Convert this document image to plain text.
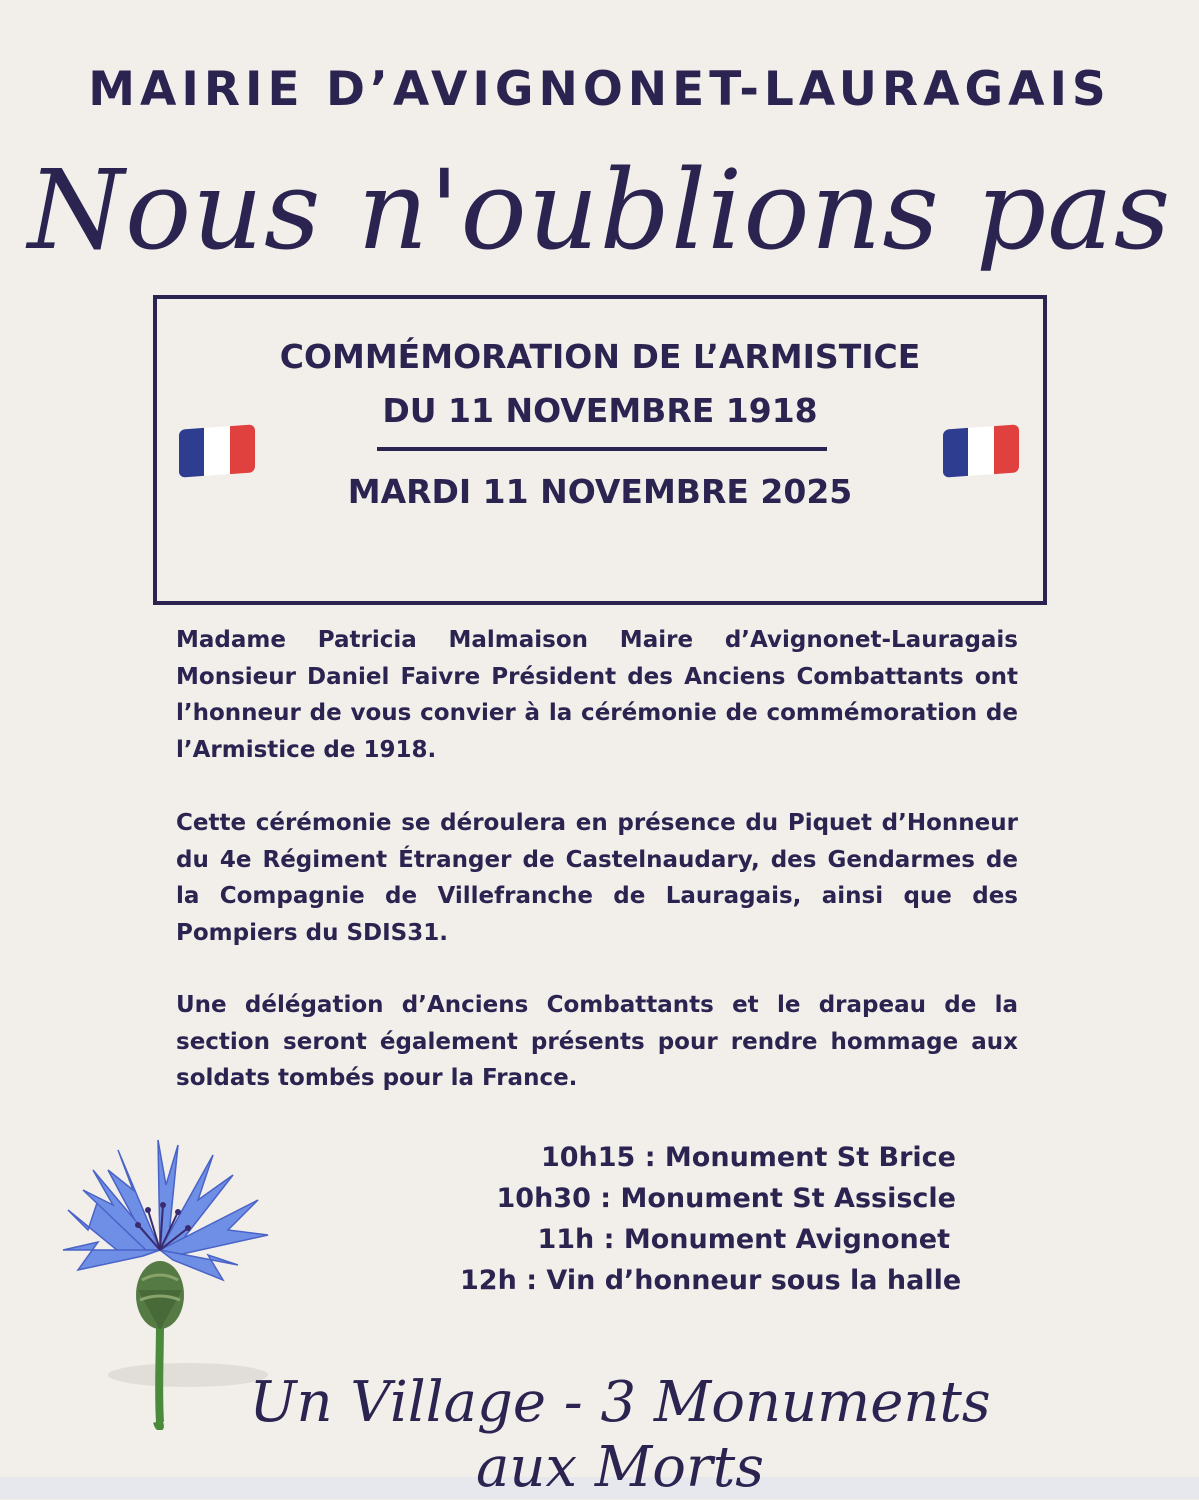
MAIRIE D’AVIGNONET-LAURAGAIS
Nous n'oublions pas
COMMÉMORATION DE L’ARMISTICE
DU 11 NOVEMBRE 1918
MARDI 11 NOVEMBRE 2025
Madame Patricia Malmaison Maire d’Avignonet-Lauragais Monsieur Daniel Faivre Président des Anciens Combattants ont l’honneur de vous convier à la cérémonie de commémoration de l’Armistice de 1918.
Cette cérémonie se déroulera en présence du Piquet d’Honneur du 4e Régiment Étranger de Castelnaudary, des Gendarmes de la Compagnie de Villefranche de Lauragais, ainsi que des Pompiers du SDIS31.
Une délégation d’Anciens Combattants et le drapeau de la section seront également présents pour rendre hommage aux soldats tombés pour la France.
10h15 : Monument St Brice
10h30 : Monument St Assiscle
11h : Monument Avignonet
12h : Vin d’honneur sous la halle
Un Village - 3 Monuments aux Morts
